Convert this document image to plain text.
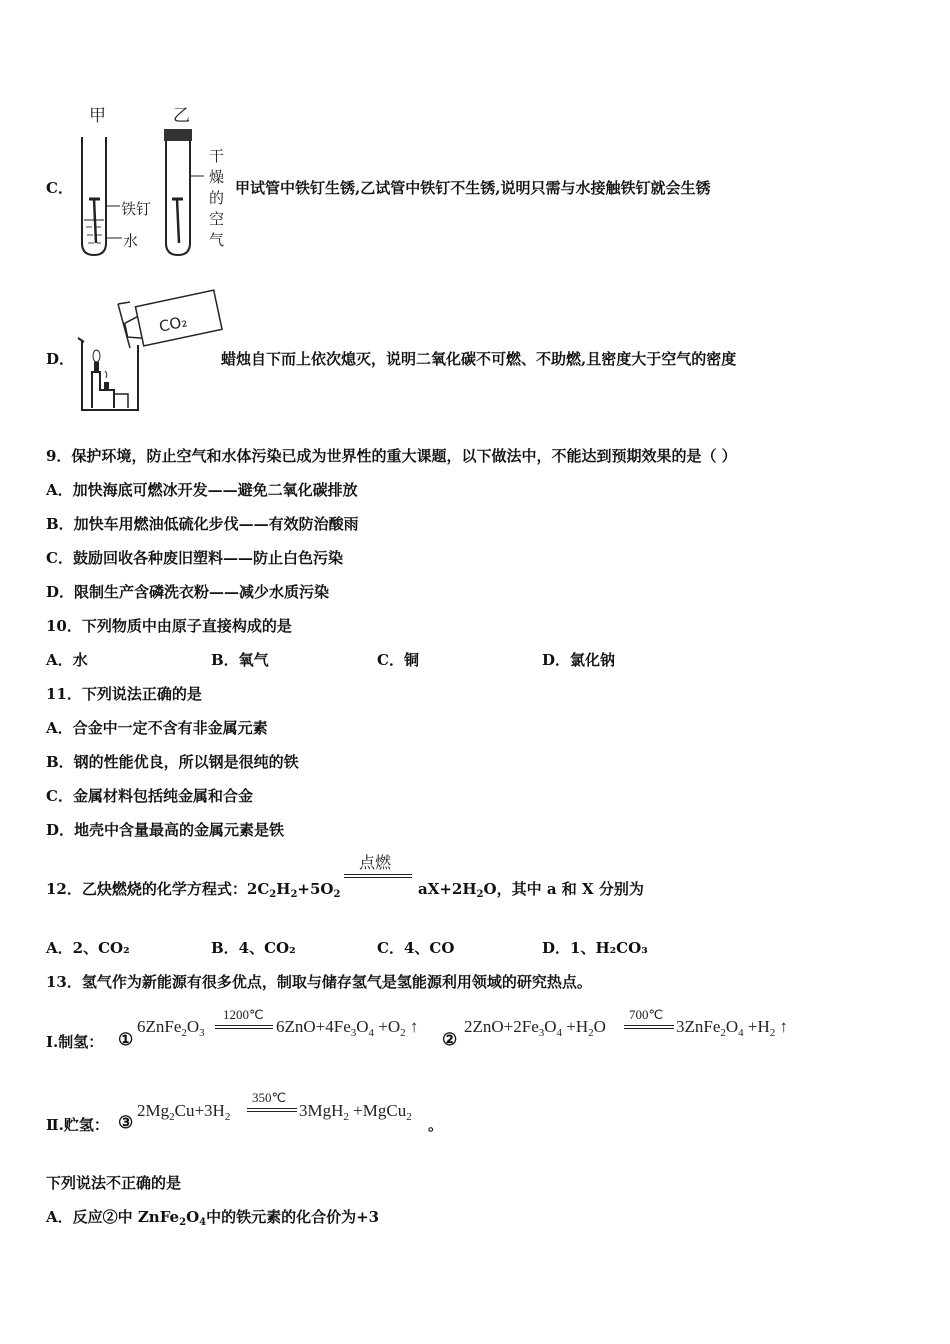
C．
甲	乙
铁钉
水
干
燥
的
空
气
甲试管中铁钉生锈,乙试管中铁钉不生锈,说明只需与水接触铁钉就会生锈
D．
CO₂
蜡烛自下而上依次熄灭，说明二氧化碳不可燃、不助燃,且密度大于空气的密度
9．保护环境，防止空气和水体污染已成为世界性的重大课题，以下做法中，不能达到预期效果的是（ ）
A．加快海底可燃冰开发——避免二氧化碳排放
B．加快车用燃油低硫化步伐——有效防治酸雨
C．鼓励回收各种废旧塑料——防止白色污染
D．限制生产含磷洗衣粉——减少水质污染
10．下列物质中由原子直接构成的是
A．水	B．氧气	C．铜	D．氯化钠
11．下列说法正确的是
A．合金中一定不含有非金属元素
B．钢的性能优良，所以钢是很纯的铁
C．金属材料包括纯金属和合金
D．地壳中含量最高的金属元素是铁
12．乙炔燃烧的化学方程式：$2C_2H_2+5O_2$
点燃
$aX+2H_2O$，其中 a 和 X 分别为
A．2、CO₂	B．4、CO₂	C．4、CO	D．1、H₂CO₃
13．氢气作为新能源有很多优点，制取与储存氢气是氢能源利用领域的研究热点。
Ⅰ.制氢： ①
$6ZnFe_2O_3$
1200℃
$6ZnO+4Fe_3O_4 +O_2$ ↑
②
$2ZnO+2Fe_3O_4 +H_2O$
700℃
$3ZnFe_2O_4 +H_2$ ↑
Ⅱ.贮氢： ③
$2Mg_2Cu+3H_2$
350℃
3MgH$_2$ +MgCu$_2$ 。
下列说法不正确的是
A．反应②中 $ZnFe_2O_4$中的铁元素的化合价为+3
